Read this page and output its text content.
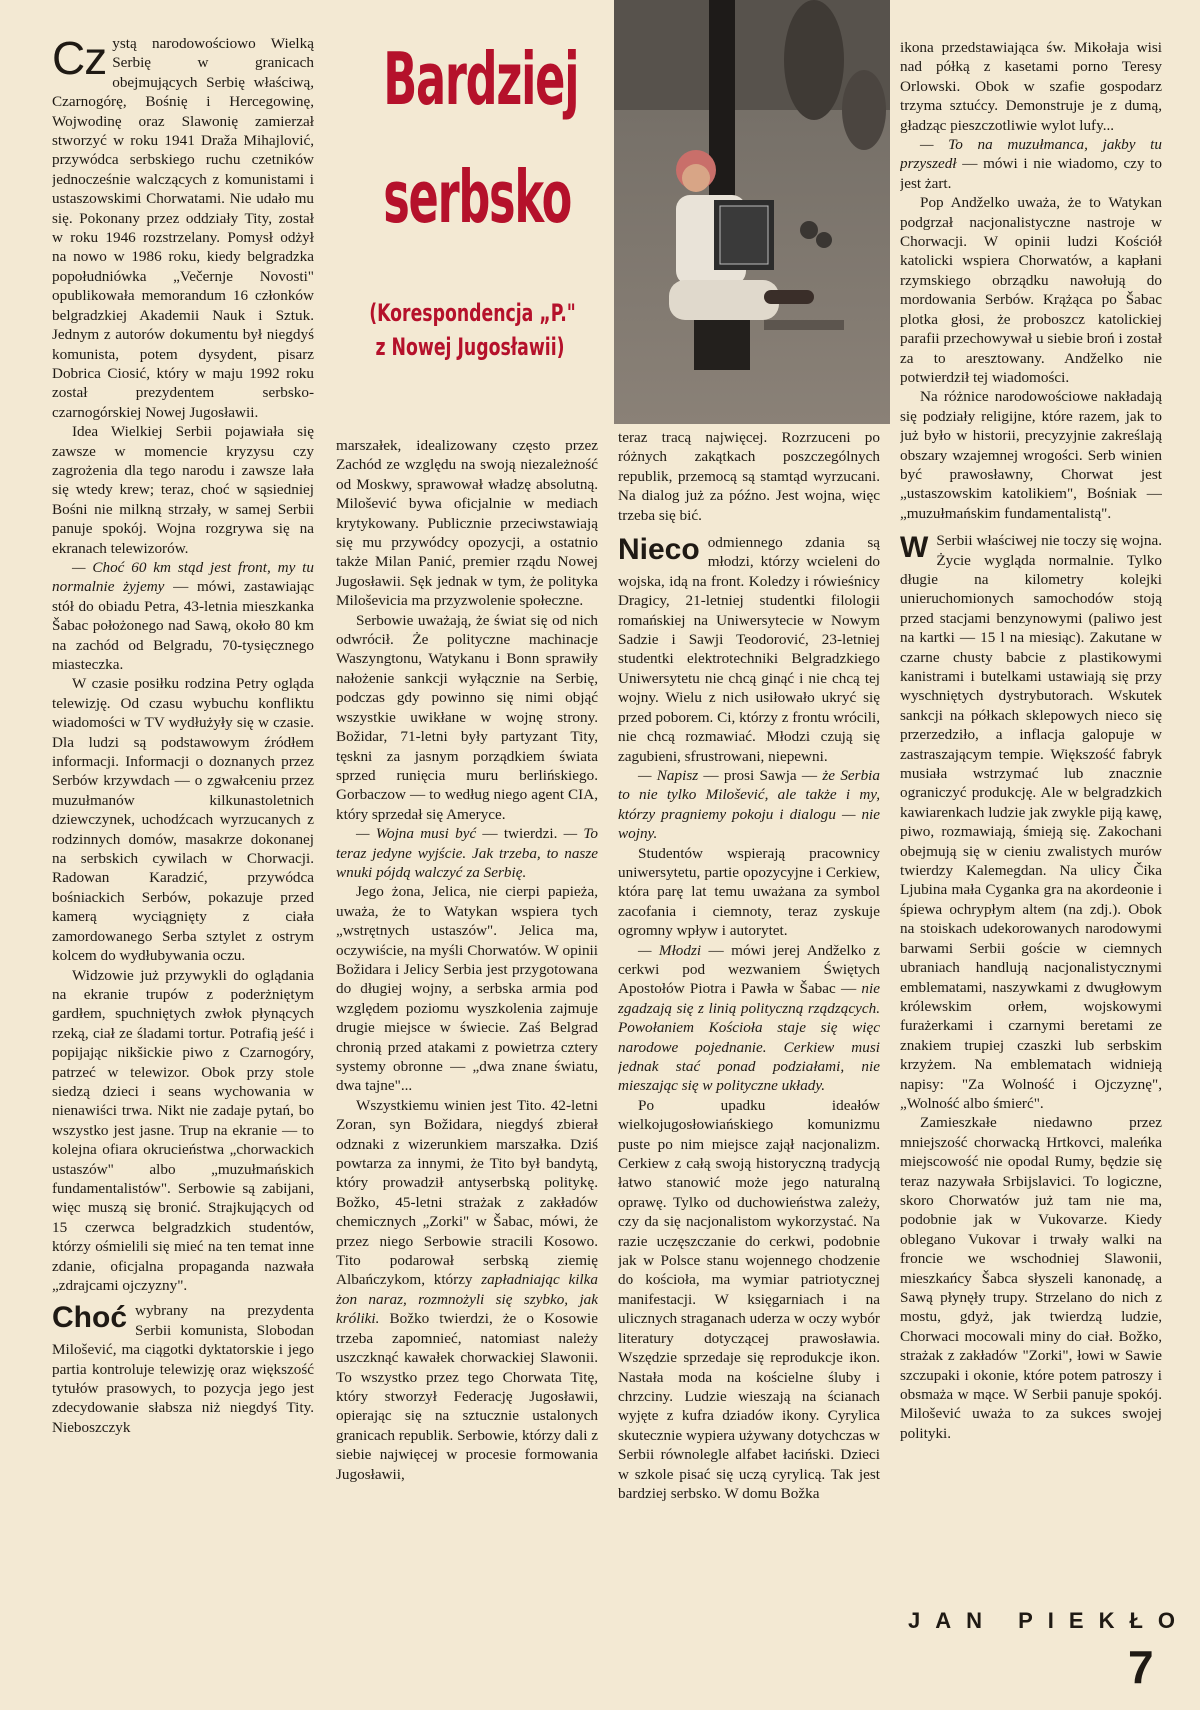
Cz ystą narodowościowo Wielką Serbię w granicach obejmujących Serbię właściwą, Czarnogórę, Bośnię i Hercegowinę, Wojwodinę oraz Slawonię zamierzał stworzyć w roku 1941 Draža Mihajlović, przywódca serbskiego ruchu czetników jednocześnie walczących z komunistami i ustaszowskimi Chorwatami. Nie udało mu się. Pokonany przez oddziały Tity, został w roku 1946 rozstrzelany. Pomysł odżył na nowo w 1986 roku, kiedy belgradzka popołudniówka „Večernje Novosti" opublikowała memorandum 16 członków belgradzkiej Akademii Nauk i Sztuk. Jednym z autorów dokumentu był niegdyś komunista, potem dysydent, pisarz Dobrica Ciosić, który w maju 1992 roku został prezydentem serbsko-czarnogórskiej Nowej Jugosławii.

Idea Wielkiej Serbii pojawiała się zawsze w momencie kryzysu czy zagrożenia dla tego narodu i zawsze lała się wtedy krew; teraz, choć w sąsiedniej Bośni nie milkną strzały, w samej Serbii panuje spokój. Wojna rozgrywa się na ekranach telewizorów.

— Choć 60 km stąd jest front, my tu normalnie żyjemy — mówi, zastawiając stół do obiadu Petra, 43-letnia mieszkanka Šabac położonego nad Sawą, około 80 km na zachód od Belgradu, 70-tysięcznego miasteczka.

W czasie posiłku rodzina Petry ogląda telewizję. Od czasu wybuchu konfliktu wiadomości w TV wydłużyły się w czasie. Dla ludzi są podstawowym źródłem informacji. Informacji o doznanych przez Serbów krzywdach — o zgwałceniu przez muzułmanów kilkunastoletnich dziewczynek, uchodźcach wyrzucanych z rodzinnych domów, masakrze dokonanej na serbskich cywilach w Chorwacji. Radowan Karadzić, przywódca bośniackich Serbów, pokazuje przed kamerą wyciągnięty z ciała zamordowanego Serba sztylet z ostrym kolcem do wydłubywania oczu.

Widzowie już przywykli do oglądania na ekranie trupów z poderżniętym gardłem, spuchniętych zwłok płynących rzeką, ciał ze śladami tortur. Potrafią jeść i popijając nikšickie piwo z Czarnogóry, patrzeć w telewizor. Obok przy stole siedzą dzieci i seans wychowania w nienawiści trwa. Nikt nie zadaje pytań, bo wszystko jest jasne. Trup na ekranie — to kolejna ofiara okrucieństwa „chorwackich ustaszów" albo „muzułmańskich fundamentalistów". Serbowie są zabijani, więc muszą się bronić. Strajkujących od 15 czerwca belgradzkich studentów, którzy ośmielili się mieć na ten temat inne zdanie, oficjalna propaganda nazwała „zdrajcami ojczyzny".

Choć wybrany na prezydenta Serbii komunista, Slobodan Milošević, ma ciągotki dyktatorskie i jego partia kontroluje telewizję oraz większość tytułów prasowych, to pozycja jego jest zdecydowanie słabsza niż niegdyś Tity. Nieboszczyk

Bardziej
serbsko
(Korespondencja „P."
z Nowej Jugosławii)

marszałek, idealizowany często przez Zachód ze względu na swoją niezależność od Moskwy, sprawował władzę absolutną. Milošević bywa oficjalnie w mediach krytykowany. Publicznie przeciwstawiają się mu przywódcy opozycji, a ostatnio także Milan Panić, premier rządu Nowej Jugosławii. Sęk jednak w tym, że polityka Miloševicia ma przyzwolenie społeczne.

Serbowie uważają, że świat się od nich odwrócił. Że polityczne machinacje Waszyngtonu, Watykanu i Bonn sprawiły nałożenie sankcji wyłącznie na Serbię, podczas gdy powinno się nimi objąć wszystkie uwikłane w wojnę strony. Božidar, 71-letni były partyzant Tity, tęskni za jasnym porządkiem świata sprzed runięcia muru berlińskiego. Gorbaczow — to według niego agent CIA, który sprzedał się Ameryce.

— Wojna musi być — twierdzi. — To teraz jedyne wyjście. Jak trzeba, to nasze wnuki pójdą walczyć za Serbię.

Jego żona, Jelica, nie cierpi papieża, uważa, że to Watykan wspiera tych „wstrętnych ustaszów". Jelica ma, oczywiście, na myśli Chorwatów. W opinii Božidara i Jelicy Serbia jest przygotowana do długiej wojny, a serbska armia pod względem poziomu wyszkolenia zajmuje drugie miejsce w świecie. Zaś Belgrad chronią przed atakami z powietrza cztery systemy obronne — „dwa znane światu, dwa tajne"...

Wszystkiemu winien jest Tito. 42-letni Zoran, syn Božidara, niegdyś zbierał odznaki z wizerunkiem marszałka. Dziś powtarza za innymi, że Tito był bandytą, który prowadził antyserbską politykę. Božko, 45-letni strażak z zakładów chemicznych „Zorki" w Šabac, mówi, że przez niego Serbowie stracili Kosowo. Tito podarował serbską ziemię Albańczykom, którzy zapładniając kilka żon naraz, rozmnożyli się szybko, jak króliki. Božko twierdzi, że o Kosowie trzeba zapomnieć, natomiast należy uszczknąć kawałek chorwackiej Slawonii. To wszystko przez tego Chorwata Titę, który stworzył Federację Jugosławii, opierając się na sztucznie ustalonych granicach republik. Serbowie, którzy dali z siebie najwięcej w procesie formowania Jugosławii,

teraz tracą najwięcej. Rozrzuceni po różnych zakątkach poszczególnych republik, przemocą są stamtąd wyrzucani. Na dialog już za późno. Jest wojna, więc trzeba się bić.

Nieco odmiennego zdania są młodzi, którzy wcieleni do wojska, idą na front. Koledzy i rówieśnicy Dragicy, 21-letniej studentki filologii romańskiej na Uniwersytecie w Nowym Sadzie i Sawji Teodorović, 23-letniej studentki elektrotechniki Belgradzkiego Uniwersytetu nie chcą ginąć i nie chcą tej wojny. Wielu z nich usiłowało ukryć się przed poborem. Ci, którzy z frontu wrócili, nie chcą rozmawiać. Młodzi czują się zagubieni, sfrustrowani, niepewni.

— Napisz — prosi Sawja — że Serbia to nie tylko Milošević, ale także i my, którzy pragniemy pokoju i dialogu — nie wojny.

Studentów wspierają pracownicy uniwersytetu, partie opozycyjne i Cerkiew, która parę lat temu uważana za symbol zacofania i ciemnoty, teraz zyskuje ogromny wpływ i autorytet.

— Młodzi — mówi jerej Andželko z cerkwi pod wezwaniem Świętych Apostołów Piotra i Pawła w Šabac — nie zgadzają się z linią polityczną rządzących. Powołaniem Kościoła staje się więc narodowe pojednanie. Cerkiew musi jednak stać ponad podziałami, nie mieszając się w polityczne układy.

Po upadku ideałów wielkojugosłowiańskiego komunizmu puste po nim miejsce zajął nacjonalizm. Cerkiew z całą swoją historyczną tradycją łatwo stanowić może jego naturalną oprawę. Tylko od duchowieństwa zależy, czy da się nacjonalistom wykorzystać. Na razie uczęszczanie do cerkwi, podobnie jak w Polsce stanu wojennego chodzenie do kościoła, ma wymiar patriotycznej manifestacji. W księgarniach i na ulicznych straganach uderza w oczy wybór literatury dotyczącej prawosławia. Wszędzie sprzedaje się reprodukcje ikon. Nastała moda na kościelne śluby i chrzciny. Ludzie wieszają na ścianach wyjęte z kufra dziadów ikony. Cyrylica skutecznie wypiera używany dotychczas w Serbii równolegle alfabet łaciński. Dzieci w szkole pisać się uczą cyrylicą. Tak jest bardziej serbsko. W domu Božka

ikona przedstawiająca św. Mikołaja wisi nad półką z kasetami porno Teresy Orlowski. Obok w szafie gospodarz trzyma sztućcy. Demonstruje je z dumą, gładząc pieszczotliwie wylot lufy...

— To na muzułmanca, jakby tu przyszedł — mówi i nie wiadomo, czy to jest żart.

Pop Andželko uważa, że to Watykan podgrzał nacjonalistyczne nastroje w Chorwacji. W opinii ludzi Kościół katolicki wspiera Chorwatów, a kapłani rzymskiego obrządku nawołują do mordowania Serbów. Krążąca po Šabac plotka głosi, że proboszcz katolickiej parafii przechowywał u siebie broń i został za to aresztowany. Andželko nie potwierdził tej wiadomości.

Na różnice narodowościowe nakładają się podziały religijne, które razem, jak to już było w historii, precyzyjnie zakreślają obszary wzajemnej wrogości. Serb winien być prawosławny, Chorwat jest „ustaszowskim katolikiem", Bośniak — „muzułmańskim fundamentalistą".

W Serbii właściwej nie toczy się wojna. Życie wygląda normalnie. Tylko długie na kilometry kolejki unieruchomionych samochodów stoją przed stacjami benzynowymi (paliwo jest na kartki — 15 l na miesiąc). Zakutane w czarne chusty babcie z plastikowymi kanistrami i butelkami ustawiają się przy wyschniętych dystrybutorach. Wskutek sankcji na półkach sklepowych nieco się przerzedziło, a inflacja galopuje w zastraszającym tempie. Większość fabryk musiała wstrzymać lub znacznie ograniczyć produkcję. Ale w belgradzkich kawiarenkach ludzie jak zwykle piją kawę, piwo, rozmawiają, śmieją się. Zakochani obejmują się w cieniu zwalistych murów twierdzy Kalemegdan. Na ulicy Čika Ljubina mała Cyganka gra na akordeonie i śpiewa ochrypłym altem (na zdj.). Obok na stoiskach udekorowanych narodowymi barwami Serbii goście w ciemnych ubraniach handlują nacjonalistycznymi emblematami, naszywkami z dwugłowym królewskim orłem, wojskowymi furażerkami i czarnymi beretami ze znakiem trupiej czaszki lub serbskim krzyżem. Na emblematach widnieją napisy: "Za Wolność i Ojczyznę", „Wolność albo śmierć".

Zamieszkałe niedawno przez mniejszość chorwacką Hrtkovci, maleńka miejscowość nie opodal Rumy, będzie się teraz nazywała Srbijslavici. To logiczne, skoro Chorwatów już tam nie ma, podobnie jak w Vukovarze. Kiedy oblegano Vukovar i trwały walki na froncie we wschodniej Slawonii, mieszkańcy Šabca słyszeli kanonadę, a Sawą płynęły trupy. Strzelano do nich z mostu, gdyż, jak twierdzą ludzie, Chorwaci mocowali miny do ciał. Božko, strażak z zakładów "Zorki", łowi w Sawie szczupaki i okonie, które potem patroszy i obsmaża w mące. W Serbii panuje spokój. Milošević uważa to za sukces swojej polityki.

JAN PIEKŁO
7
